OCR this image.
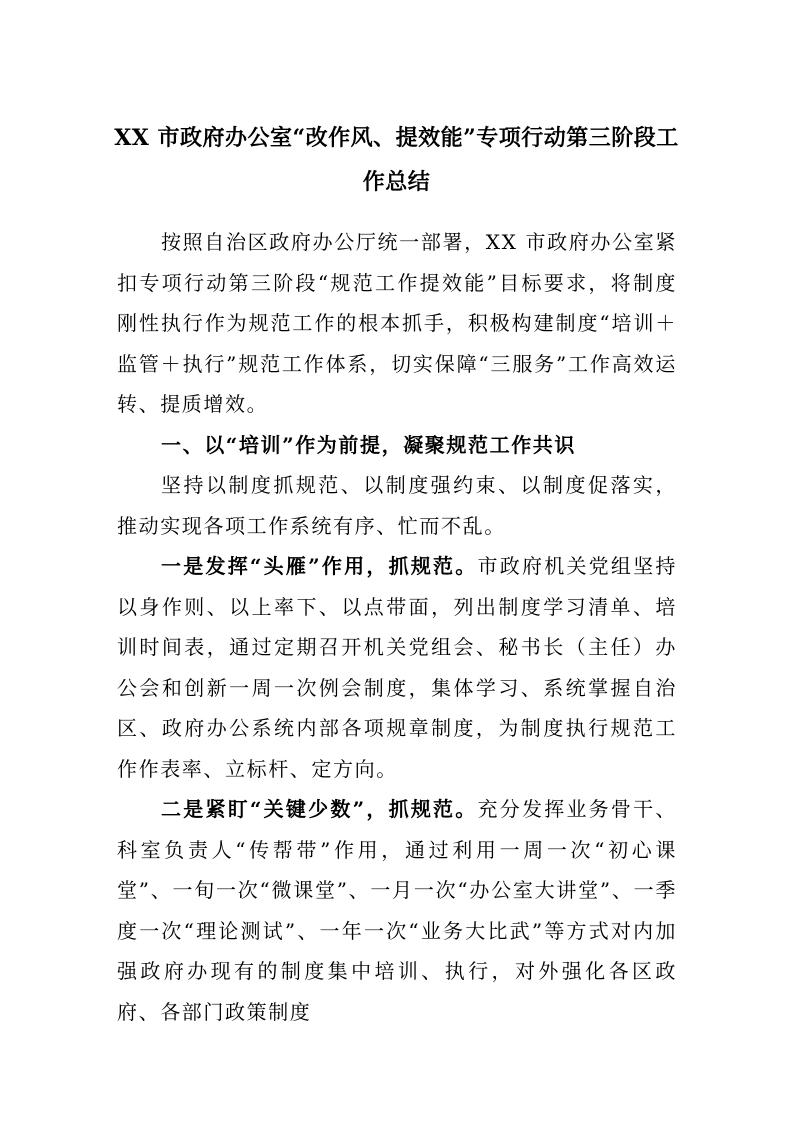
XX 市政府办公室“改作风、提效能”专项行动第三阶段工作总结

按照自治区政府办公厅统一部署，XX 市政府办公室紧扣专项行动第三阶段“规范工作提效能”目标要求，将制度刚性执行作为规范工作的根本抓手，积极构建制度“培训＋监管＋执行”规范工作体系，切实保障“三服务”工作高效运转、提质增效。

一、以“培训”作为前提，凝聚规范工作共识

坚持以制度抓规范、以制度强约束、以制度促落实，推动实现各项工作系统有序、忙而不乱。

一是发挥“头雁”作用，抓规范。市政府机关党组坚持以身作则、以上率下、以点带面，列出制度学习清单、培训时间表，通过定期召开机关党组会、秘书长（主任）办公会和创新一周一次例会制度，集体学习、系统掌握自治区、政府办公系统内部各项规章制度，为制度执行规范工作作表率、立标杆、定方向。

二是紧盯“关键少数”，抓规范。充分发挥业务骨干、科室负责人“传帮带”作用，通过利用一周一次“初心课堂”、一旬一次“微课堂”、一月一次“办公室大讲堂”、一季度一次“理论测试”、一年一次“业务大比武”等方式对内加强政府办现有的制度集中培训、执行，对外强化各区政府、各部门政策制度
